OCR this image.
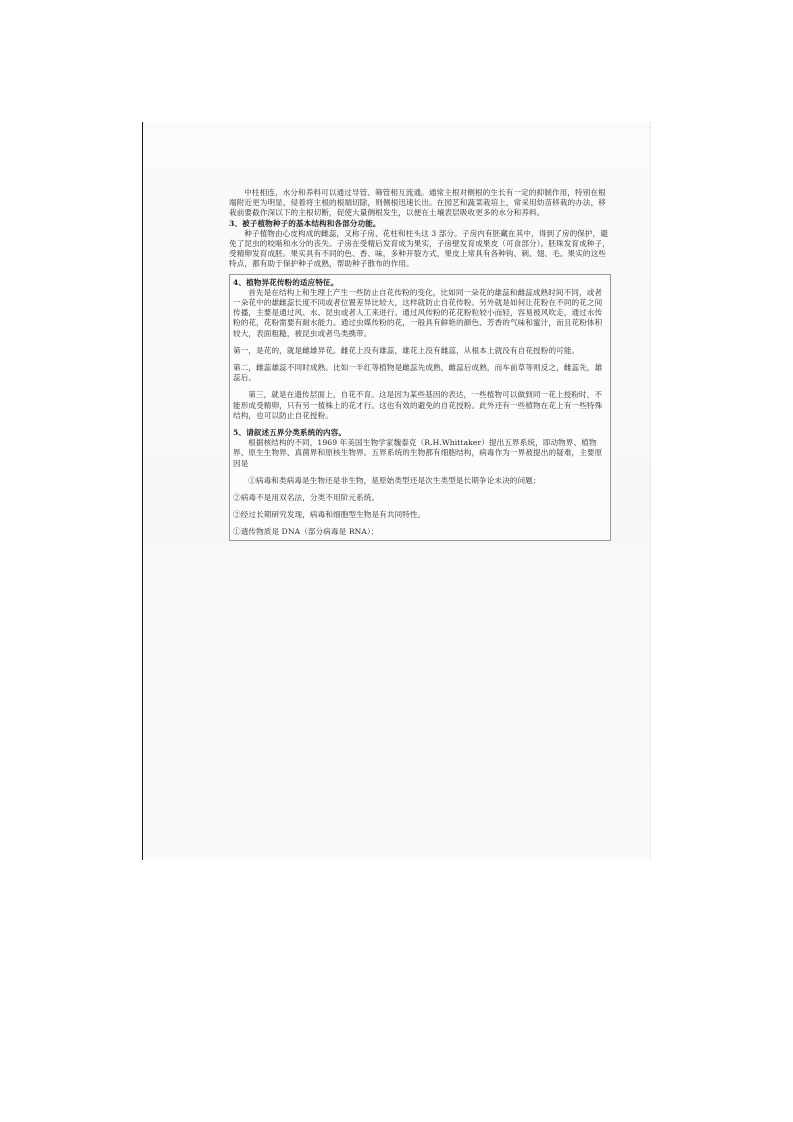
中柱相连，水分和养料可以通过导管、筛管相互流通。通常主根对侧根的生长有一定的抑制作用，特别在根端附近更为明显，侵着将主根的根端切除，则侧根迅速长出。在园艺和蔬菜栽培上，常采用幼苗移栽的办法，移栽前要截作深以下的主根切断，促使大量侧根发生，以便在土壤表层吸收更多的水分和养料。

3、被子植物种子的基本结构和各部分功能。

种子植物由心皮构成的雌蕊，又称子房、花柱和柱头这 3 部分。子房内有胚藏在其中，得到了房的保护，避免了昆虫的咬啮和水分的丧失。子房在受精后发育成为果实，子房壁发育成果皮（可食部分）。胚珠发育成种子，受精卵发育成胚。果实具有不同的色、香、味，多种开裂方式，果皮上常具有各种钩、刺、翅、毛。果实的这些特点，都有助于保护种子成熟，帮助种子散布的作用。

4、植物异花传粉的适应特征。

首先是在结构上和生理上产生一些防止自花传粉的变化，比如同一朵花的雄蕊和雌蕊成熟时间不同，或者一朵花中的雄雌蕊长度不同或者位置差异比较大，这样就防止自花传粉。另外就是如何让花粉在不同的花之间传播，主要是通过风、水、昆虫或者人工来进行。通过风传粉的花花粉粒较小而轻，容易被风吹走，通过水传粉的花，花粉需要有耐水能力。通过虫媒传粉的花，一般具有鲜艳的颜色、芳香的气味和蜜汁，而且花粉体积较大，表面粗糙，被昆虫或者鸟类携带。

第一，是花的，就是雌雄异花。雌花上没有雄蕊，雄花上没有雌蕊，从根本上就没有自花授粉的可能。

第二，雌蕊雄蕊不同时成熟。比如一半红等植物是雌蕊先成熟，雌蕊后成熟，而车前草等则反之，雌蕊先，雄蕊后。

第三，就是在遗传层面上，自花不育。这是因为某些基因的表达，一些植物可以做到同一花上授粉时，不能形成受精卵，只有另一植株上的花才行。这也有效的避免的自花授粉。此外还有一些植物在花上有一些特殊结构，也可以防止自花授粉。

5、请叙述五界分类系统的内容。

根据核结构的不同，1969 年美国生物学家魏泰克（R.H.Whittaker）提出五界系统，即动物界、植物界、原生生物界、真菌界和原核生物界。五界系统的生物都有细胞结构，病毒作为一界被提出的疑难，主要原因是

①病毒和类病毒是生物还是非生物，是原始类型还是次生类型是长期争论未决的问题；

②病毒不是用双名法，分类不用阶元系统。

②经过长期研究发现，病毒和细胞型生物是有共同特性。

①遗传物质是 DNA（部分病毒是 RNA）；
